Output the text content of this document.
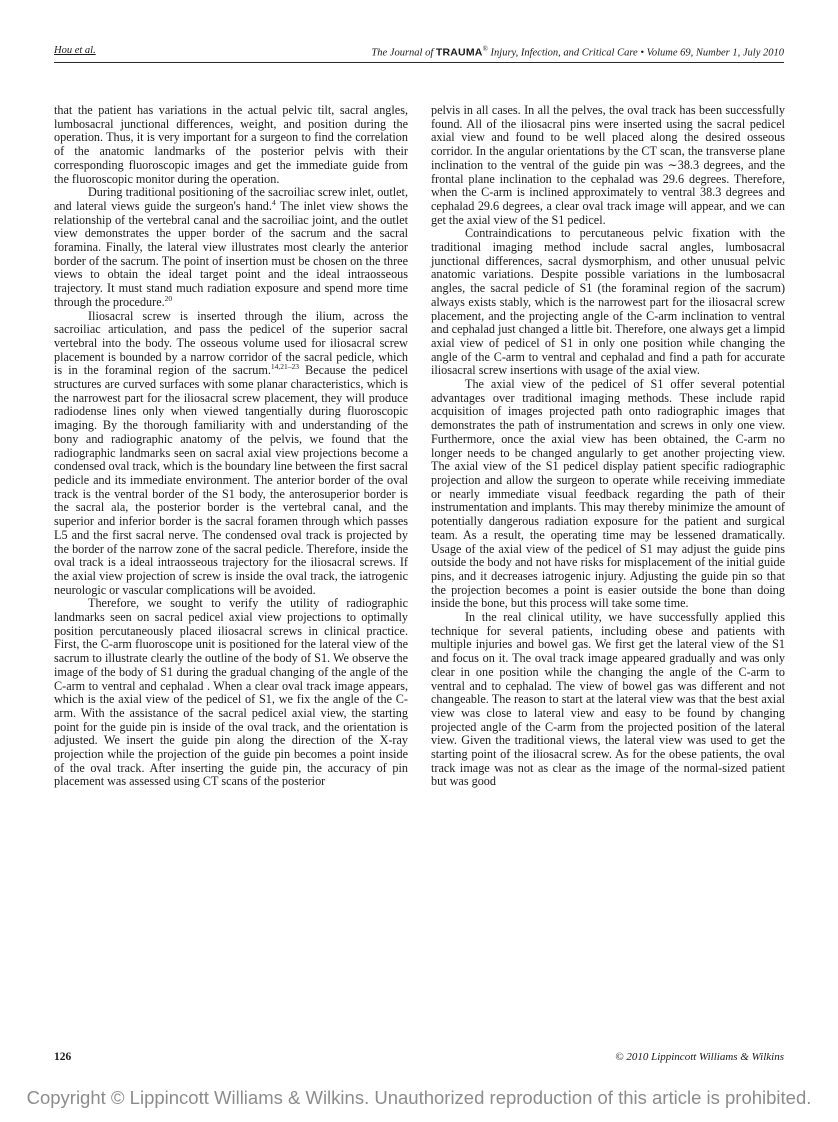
Hou et al.	The Journal of TRAUMA® Injury, Infection, and Critical Care • Volume 69, Number 1, July 2010

that the patient has variations in the actual pelvic tilt, sacral angles, lumbosacral junctional differences, weight, and position during the operation. Thus, it is very important for a surgeon to find the correlation of the anatomic landmarks of the posterior pelvis with their corresponding fluoroscopic images and get the immediate guide from the fluoroscopic monitor during the operation.

During traditional positioning of the sacroiliac screw inlet, outlet, and lateral views guide the surgeon's hand.$^4$ The inlet view shows the relationship of the vertebral canal and the sacroiliac joint, and the outlet view demonstrates the upper border of the sacrum and the sacral foramina. Finally, the lateral view illustrates most clearly the anterior border of the sacrum. The point of insertion must be chosen on the three views to obtain the ideal target point and the ideal intraosseous trajectory. It must stand much radiation exposure and spend more time through the procedure.$^{20}$

Iliosacral screw is inserted through the ilium, across the sacroiliac articulation, and pass the pedicel of the superior sacral vertebral into the body. The osseous volume used for iliosacral screw placement is bounded by a narrow corridor of the sacral pedicle, which is in the foraminal region of the sacrum.$^{14,21-23}$ Because the pedicel structures are curved surfaces with some planar characteristics, which is the narrowest part for the iliosacral screw placement, they will produce radiodense lines only when viewed tangentially during fluoroscopic imaging. By the thorough familiarity with and understanding of the bony and radiographic anatomy of the pelvis, we found that the radiographic landmarks seen on sacral axial view projections become a condensed oval track, which is the boundary line between the first sacral pedicle and its immediate environment. The anterior border of the oval track is the ventral border of the S1 body, the anterosuperior border is the sacral ala, the posterior border is the vertebral canal, and the superior and inferior border is the sacral foramen through which passes L5 and the first sacral nerve. The condensed oval track is projected by the border of the narrow zone of the sacral pedicle. Therefore, inside the oval track is a ideal intraosseous trajectory for the iliosacral screws. If the axial view projection of screw is inside the oval track, the iatrogenic neurologic or vascular complications will be avoided.

Therefore, we sought to verify the utility of radiographic landmarks seen on sacral pedicel axial view projections to optimally position percutaneously placed iliosacral screws in clinical practice. First, the C-arm fluoroscope unit is positioned for the lateral view of the sacrum to illustrate clearly the outline of the body of S1. We observe the image of the body of S1 during the gradual changing of the angle of the C-arm to ventral and cephalad . When a clear oval track image appears, which is the axial view of the pedicel of S1, we fix the angle of the C-arm. With the assistance of the sacral pedicel axial view, the starting point for the guide pin is inside of the oval track, and the orientation is adjusted. We insert the guide pin along the direction of the X-ray projection while the projection of the guide pin becomes a point inside of the oval track. After inserting the guide pin, the accuracy of pin placement was assessed using CT scans of the posterior

pelvis in all cases. In all the pelves, the oval track has been successfully found. All of the iliosacral pins were inserted using the sacral pedicel axial view and found to be well placed along the desired osseous corridor. In the angular orientations by the CT scan, the transverse plane inclination to the ventral of the guide pin was ∼38.3 degrees, and the frontal plane inclination to the cephalad was 29.6 degrees. Therefore, when the C-arm is inclined approximately to ventral 38.3 degrees and cephalad 29.6 degrees, a clear oval track image will appear, and we can get the axial view of the S1 pedicel.

Contraindications to percutaneous pelvic fixation with the traditional imaging method include sacral angles, lumbosacral junctional differences, sacral dysmorphism, and other unusual pelvic anatomic variations. Despite possible variations in the lumbosacral angles, the sacral pedicle of S1 (the foraminal region of the sacrum) always exists stably, which is the narrowest part for the iliosacral screw placement, and the projecting angle of the C-arm inclination to ventral and cephalad just changed a little bit. Therefore, one always get a limpid axial view of pedicel of S1 in only one position while changing the angle of the C-arm to ventral and cephalad and find a path for accurate iliosacral screw insertions with usage of the axial view.

The axial view of the pedicel of S1 offer several potential advantages over traditional imaging methods. These include rapid acquisition of images projected path onto radiographic images that demonstrates the path of instrumentation and screws in only one view. Furthermore, once the axial view has been obtained, the C-arm no longer needs to be changed angularly to get another projecting view. The axial view of the S1 pedicel display patient specific radiographic projection and allow the surgeon to operate while receiving immediate or nearly immediate visual feedback regarding the path of their instrumentation and implants. This may thereby minimize the amount of potentially dangerous radiation exposure for the patient and surgical team. As a result, the operating time may be lessened dramatically. Usage of the axial view of the pedicel of S1 may adjust the guide pins outside the body and not have risks for misplacement of the initial guide pins, and it decreases iatrogenic injury. Adjusting the guide pin so that the projection becomes a point is easier outside the bone than doing inside the bone, but this process will take some time.

In the real clinical utility, we have successfully applied this technique for several patients, including obese and patients with multiple injuries and bowel gas. We first get the lateral view of the S1 and focus on it. The oval track image appeared gradually and was only clear in one position while the changing the angle of the C-arm to ventral and to cephalad. The view of bowel gas was different and not changeable. The reason to start at the lateral view was that the best axial view was close to lateral view and easy to be found by changing projected angle of the C-arm from the projected position of the lateral view. Given the traditional views, the lateral view was used to get the starting point of the iliosacral screw. As for the obese patients, the oval track image was not as clear as the image of the normal-sized patient but was good

126	© 2010 Lippincott Williams & Wilkins
Copyright © Lippincott Williams & Wilkins. Unauthorized reproduction of this article is prohibited.
